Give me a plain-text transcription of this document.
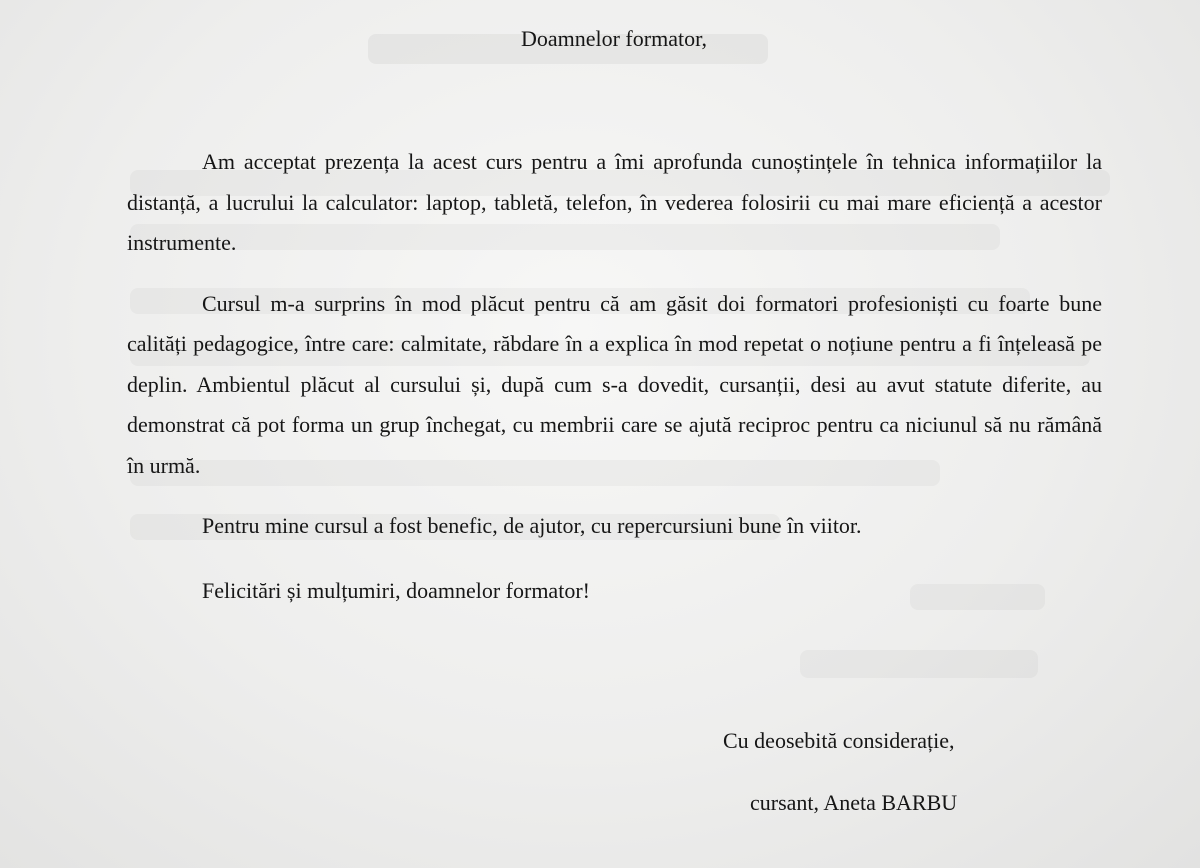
Doamnelor formator,

Am acceptat prezența la acest curs pentru a îmi aprofunda cunoștințele în tehnica informațiilor la distanță, a lucrului la calculator: laptop, tabletă, telefon, în vederea folosirii cu mai mare eficiență a acestor instrumente.

Cursul m-a surprins în mod plăcut pentru că am găsit doi formatori profesioniști cu foarte bune calități pedagogice, între care: calmitate, răbdare în a explica în mod repetat o noțiune pentru a fi înțeleasă pe deplin. Ambientul plăcut al cursului și, după cum s-a dovedit, cursanții, desi au avut statute diferite, au demonstrat că pot forma un grup închegat, cu membrii care se ajută reciproc pentru ca niciunul să nu rămână în urmă.

Pentru mine cursul a fost benefic, de ajutor, cu repercursiuni bune în viitor.

Felicitări și mulțumiri, doamnelor formator!

Cu deosebită considerație,

cursant, Aneta BARBU
